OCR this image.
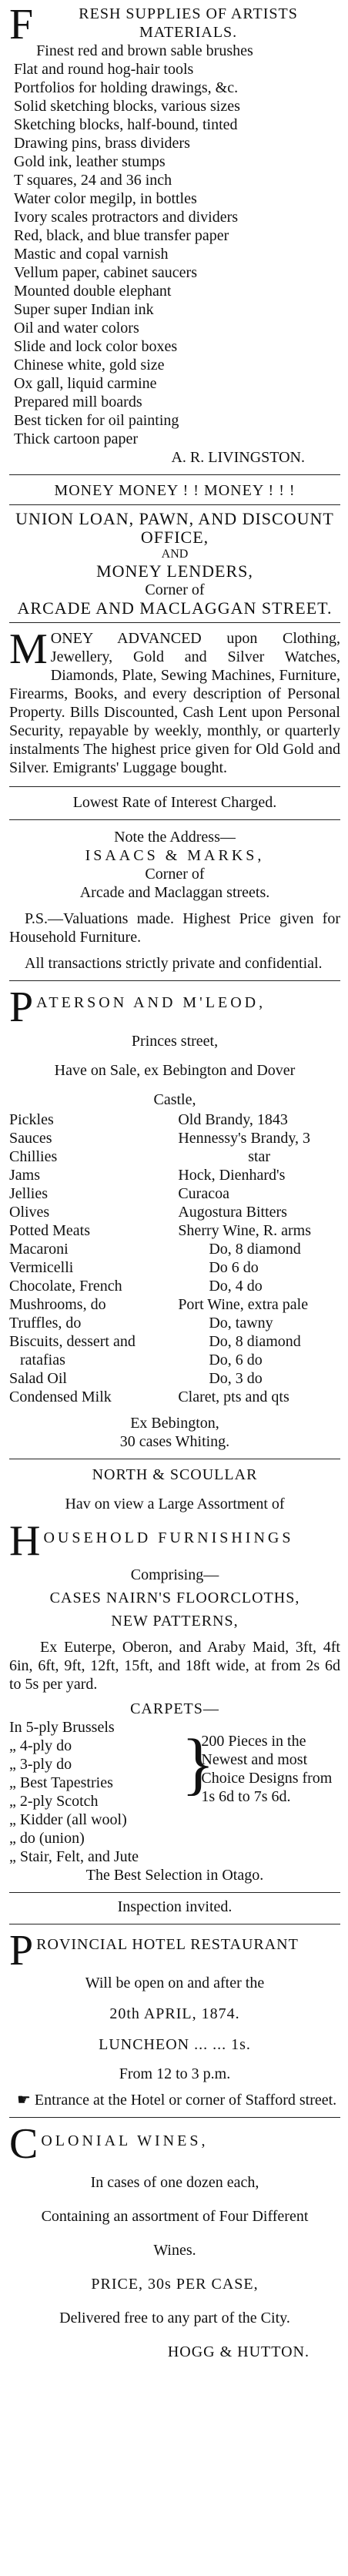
F	RESH SUPPLIES OF ARTISTS
MATERIALS.
Finest red and brown sable brushes
Flat and round hog-hair tools
Portfolios for holding drawings, &c.
Solid sketching blocks, various sizes
Sketching blocks, half-bound, tinted
Drawing pins, brass dividers
Gold ink, leather stumps
T squares, 24 and 36 inch
Water color megilp, in bottles
Ivory scales protractors and dividers
Red, black, and blue transfer paper
Mastic and copal varnish
Vellum paper, cabinet saucers
Mounted double elephant
Super super Indian ink
Oil and water colors
Slide and lock color boxes
Chinese white, gold size
Ox gall, liquid carmine
Prepared mill boards
Best ticken for oil painting
Thick cartoon paper
A. R. LIVINGSTON.
MONEY MONEY ! ! MONEY ! ! !
UNION LOAN, PAWN, AND DISCOUNT
OFFICE,
AND
MONEY LENDERS,
Corner of
ARCADE AND MACLAGGAN STREET.

M ONEY ADVANCED upon Clothing, Jewellery, Gold and Silver Watches, Diamonds, Plate, Sewing Machines, Furniture, Firearms, Books, and every description of Personal Property. Bills Discounted, Cash Lent upon Personal Security, repayable by weekly, monthly, or quarterly instalments The highest price given for Old Gold and Silver. Emigrants' Luggage bought.

Lowest Rate of Interest Charged.
Note the Address—
ISAACS & MARKS,
Corner of
Arcade and Maclaggan streets.

P.S.—Valuations made. Highest Price given for Household Furniture.

All transactions strictly private and confidential.

P ATERSON AND M'LEOD,
Princes street,
Have on Sale, ex Bebington and Dover
Castle,
Pickles
Sauces
Chillies
Jams
Jellies
Olives
Potted Meats
Macaroni
Vermicelli
Chocolate, French
Mushrooms, do
Truffles, do
Biscuits, dessert and
ratafias
Salad Oil
Condensed Milk
Old Brandy, 1843
Hennessy's Brandy, 3
star
Hock, Dienhard's
Curacoa
Augostura Bitters
Sherry Wine, R. arms
Do, 8 diamond
Do 6 do
Do, 4 do
Port Wine, extra pale
Do, tawny
Do, 8 diamond
Do, 6 do
Do, 3 do
Claret, pts and qts
Ex Bebington,
30 cases Whiting.
NORTH & SCOULLAR
Hav on view a Large Assortment of
H OUSEHOLD FURNISHINGS
Comprising—
CASES NAIRN'S FLOORCLOTHS,
NEW PATTERNS,

Ex Euterpe, Oberon, and Araby Maid, 3ft, 4ft 6in, 6ft, 9ft, 12ft, 15ft, and 18ft wide, at from 2s 6d to 5s per yard.

CARPETS—
In 5-ply Brussels
„ 4-ply do
„ 3-ply do
„ Best Tapestries
„ 2-ply Scotch
„ Kidder (all wool)
„ do (union)
„ Stair, Felt, and Jute
}
200 Pieces in the Newest and most Choice Designs from 1s 6d to 7s 6d.
The Best Selection in Otago.
Inspection invited.
P ROVINCIAL HOTEL RESTAURANT
Will be open on and after the
20th APRIL, 1874.
LUNCHEON ... ... 1s.
From 12 to 3 p.m.

☛ Entrance at the Hotel or corner of Stafford street.

C OLONIAL WINES,
In cases of one dozen each,
Containing an assortment of Four Different
Wines.
PRICE, 30s PER CASE,
Delivered free to any part of the City.
HOGG & HUTTON.
